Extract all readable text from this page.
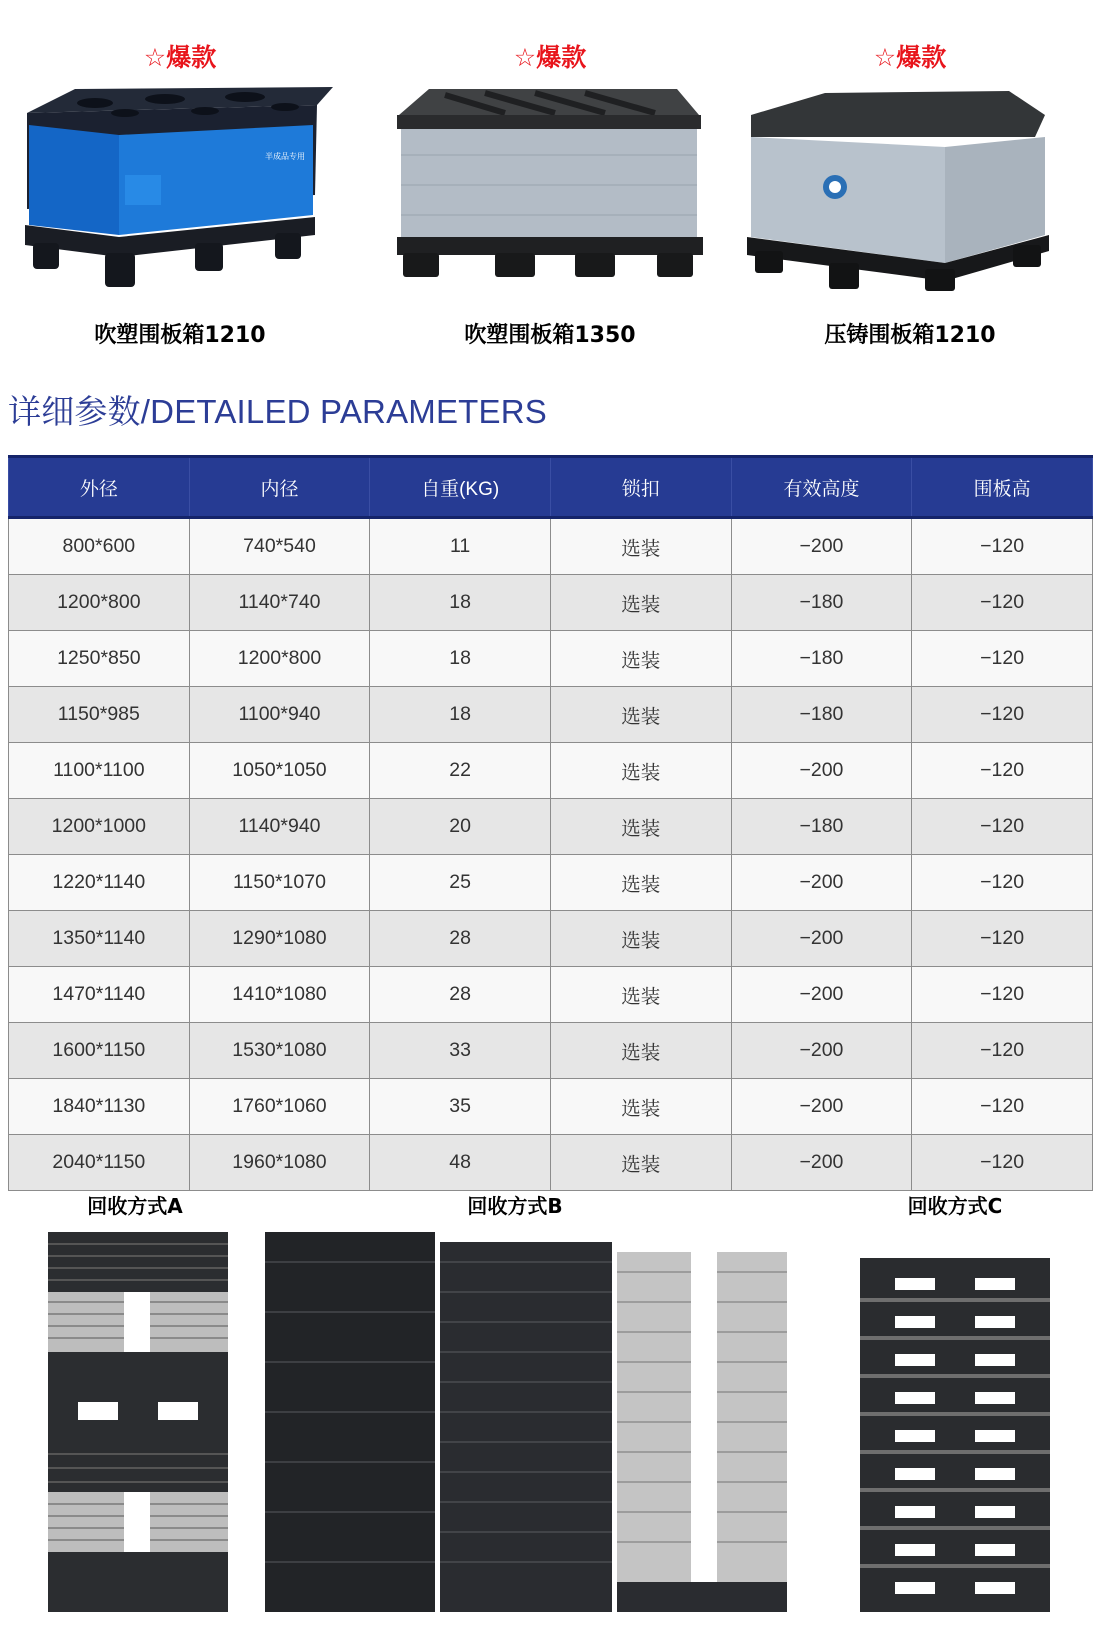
☆爆款
半成品专用
吹塑围板箱1210
☆爆款
吹塑围板箱1350
☆爆款
压铸围板箱1210
详细参数/DETAILED PARAMETERS
外径	内径	自重(KG)	锁扣	有效高度	围板高
800*600	740*540	11	选装	−200	−120
1200*800	1140*740	18	选装	−180	−120
1250*850	1200*800	18	选装	−180	−120
1150*985	1100*940	18	选装	−180	−120
1100*1100	1050*1050	22	选装	−200	−120
1200*1000	1140*940	20	选装	−180	−120
1220*1140	1150*1070	25	选装	−200	−120
1350*1140	1290*1080	28	选装	−200	−120
1470*1140	1410*1080	28	选装	−200	−120
1600*1150	1530*1080	33	选装	−200	−120
1840*1130	1760*1060	35	选装	−200	−120
2040*1150	1960*1080	48	选装	−200	−120
回收方式A	回收方式B	回收方式C
